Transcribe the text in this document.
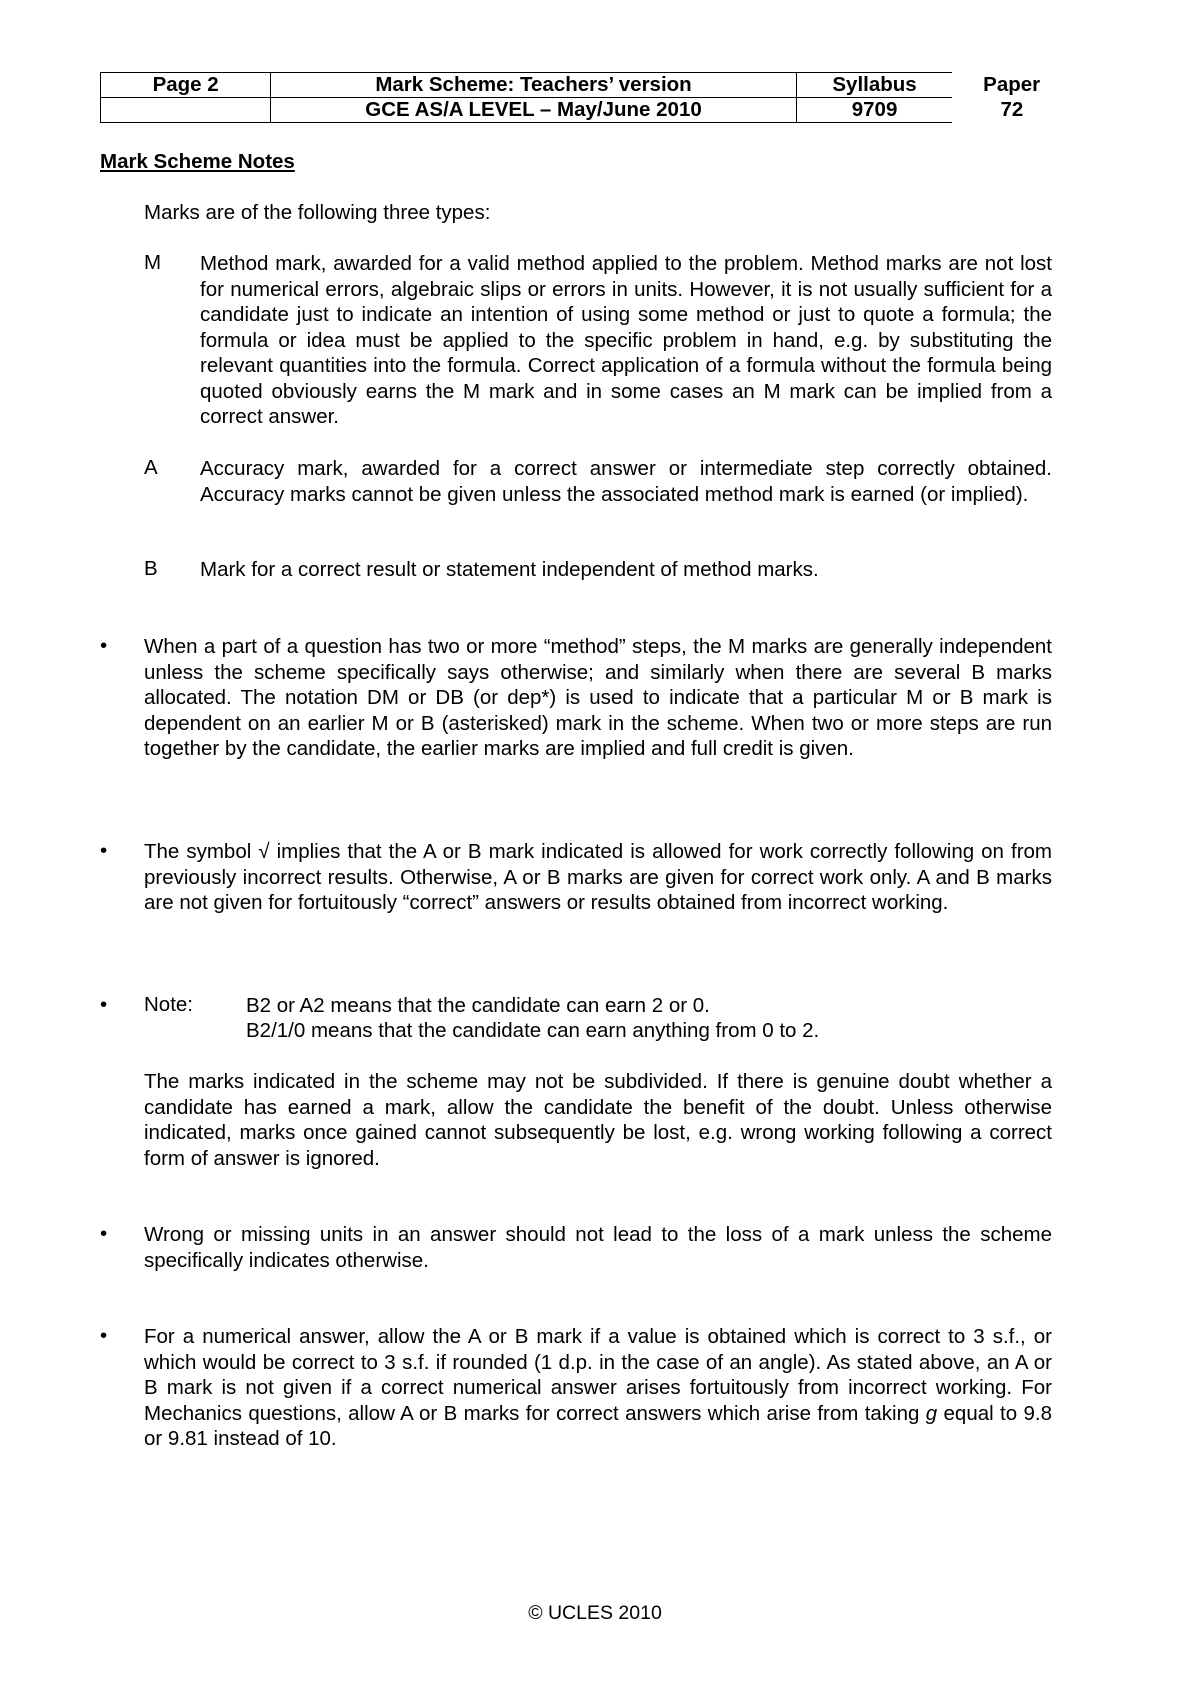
Page 2	Mark Scheme: Teachers’ version	Syllabus	Paper
	GCE AS/A LEVEL – May/June 2010	9709	72
Mark Scheme Notes
Marks are of the following three types:
M Method mark, awarded for a valid method applied to the problem. Method marks are not lost for numerical errors, algebraic slips or errors in units. However, it is not usually sufficient for a candidate just to indicate an intention of using some method or just to quote a formula; the formula or idea must be applied to the specific problem in hand, e.g. by substituting the relevant quantities into the formula. Correct application of a formula without the formula being quoted obviously earns the M mark and in some cases an M mark can be implied from a correct answer.
A Accuracy mark, awarded for a correct answer or intermediate step correctly obtained. Accuracy marks cannot be given unless the associated method mark is earned (or implied).
B Mark for a correct result or statement independent of method marks.
• When a part of a question has two or more “method” steps, the M marks are generally independent unless the scheme specifically says otherwise; and similarly when there are several B marks allocated. The notation DM or DB (or dep*) is used to indicate that a particular M or B mark is dependent on an earlier M or B (asterisked) mark in the scheme. When two or more steps are run together by the candidate, the earlier marks are implied and full credit is given.
• The symbol √ implies that the A or B mark indicated is allowed for work correctly following on from previously incorrect results. Otherwise, A or B marks are given for correct work only. A and B marks are not given for fortuitously “correct” answers or results obtained from incorrect working.
• Note:	B2 or A2 means that the candidate can earn 2 or 0.
B2/1/0 means that the candidate can earn anything from 0 to 2.
The marks indicated in the scheme may not be subdivided. If there is genuine doubt whether a candidate has earned a mark, allow the candidate the benefit of the doubt. Unless otherwise indicated, marks once gained cannot subsequently be lost, e.g. wrong working following a correct form of answer is ignored.
• Wrong or missing units in an answer should not lead to the loss of a mark unless the scheme specifically indicates otherwise.
• For a numerical answer, allow the A or B mark if a value is obtained which is correct to 3 s.f., or which would be correct to 3 s.f. if rounded (1 d.p. in the case of an angle). As stated above, an A or B mark is not given if a correct numerical answer arises fortuitously from incorrect working. For Mechanics questions, allow A or B marks for correct answers which arise from taking g equal to 9.8 or 9.81 instead of 10.
© UCLES 2010
